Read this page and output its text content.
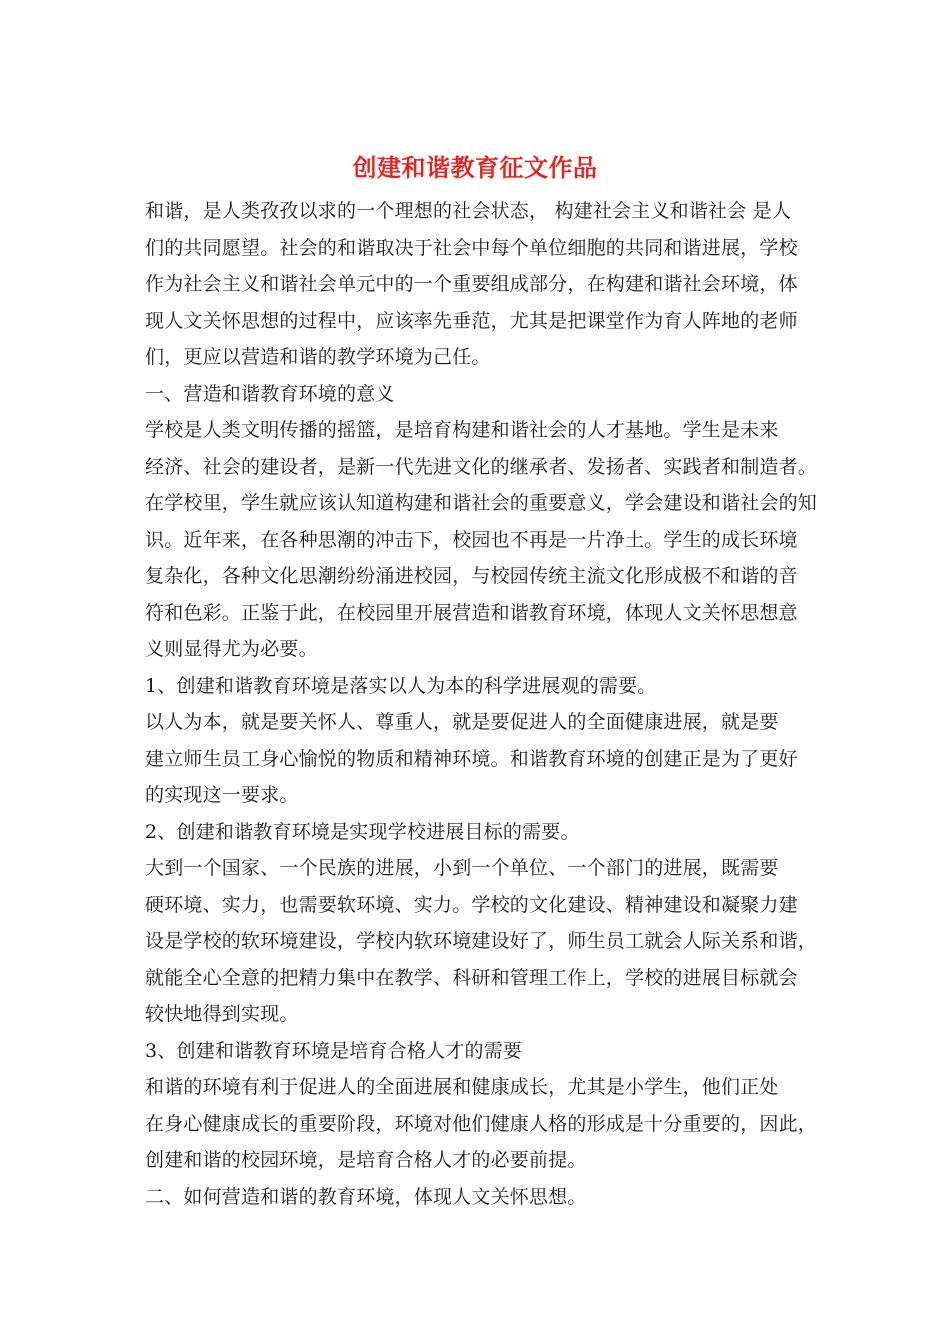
创建和谐教育征文作品
和谐，是人类孜孜以求的一个理想的社会状态， 构建社会主义和谐社会 是人
们的共同愿望。社会的和谐取决于社会中每个单位细胞的共同和谐进展，学校
作为社会主义和谐社会单元中的一个重要组成部分，在构建和谐社会环境，体
现人文关怀思想的过程中，应该率先垂范，尤其是把课堂作为育人阵地的老师
们，更应以营造和谐的教学环境为己任。
一、营造和谐教育环境的意义
学校是人类文明传播的摇篮，是培育构建和谐社会的人才基地。学生是未来
经济、社会的建设者，是新一代先进文化的继承者、发扬者、实践者和制造者。
在学校里，学生就应该认知道构建和谐社会的重要意义，学会建设和谐社会的知
识。近年来，在各种思潮的冲击下，校园也不再是一片净土。学生的成长环境
复杂化，各种文化思潮纷纷涌进校园，与校园传统主流文化形成极不和谐的音
符和色彩。正鉴于此，在校园里开展营造和谐教育环境，体现人文关怀思想意
义则显得尤为必要。
1、创建和谐教育环境是落实以人为本的科学进展观的需要。
以人为本，就是要关怀人、尊重人，就是要促进人的全面健康进展，就是要
建立师生员工身心愉悦的物质和精神环境。和谐教育环境的创建正是为了更好
的实现这一要求。
2、创建和谐教育环境是实现学校进展目标的需要。
大到一个国家、一个民族的进展，小到一个单位、一个部门的进展，既需要
硬环境、实力，也需要软环境、实力。学校的文化建设、精神建设和凝聚力建
设是学校的软环境建设，学校内软环境建设好了，师生员工就会人际关系和谐，
就能全心全意的把精力集中在教学、科研和管理工作上，学校的进展目标就会
较快地得到实现。
3、创建和谐教育环境是培育合格人才的需要
和谐的环境有利于促进人的全面进展和健康成长，尤其是小学生，他们正处
在身心健康成长的重要阶段，环境对他们健康人格的形成是十分重要的，因此，
创建和谐的校园环境，是培育合格人才的必要前提。
二、如何营造和谐的教育环境，体现人文关怀思想。
